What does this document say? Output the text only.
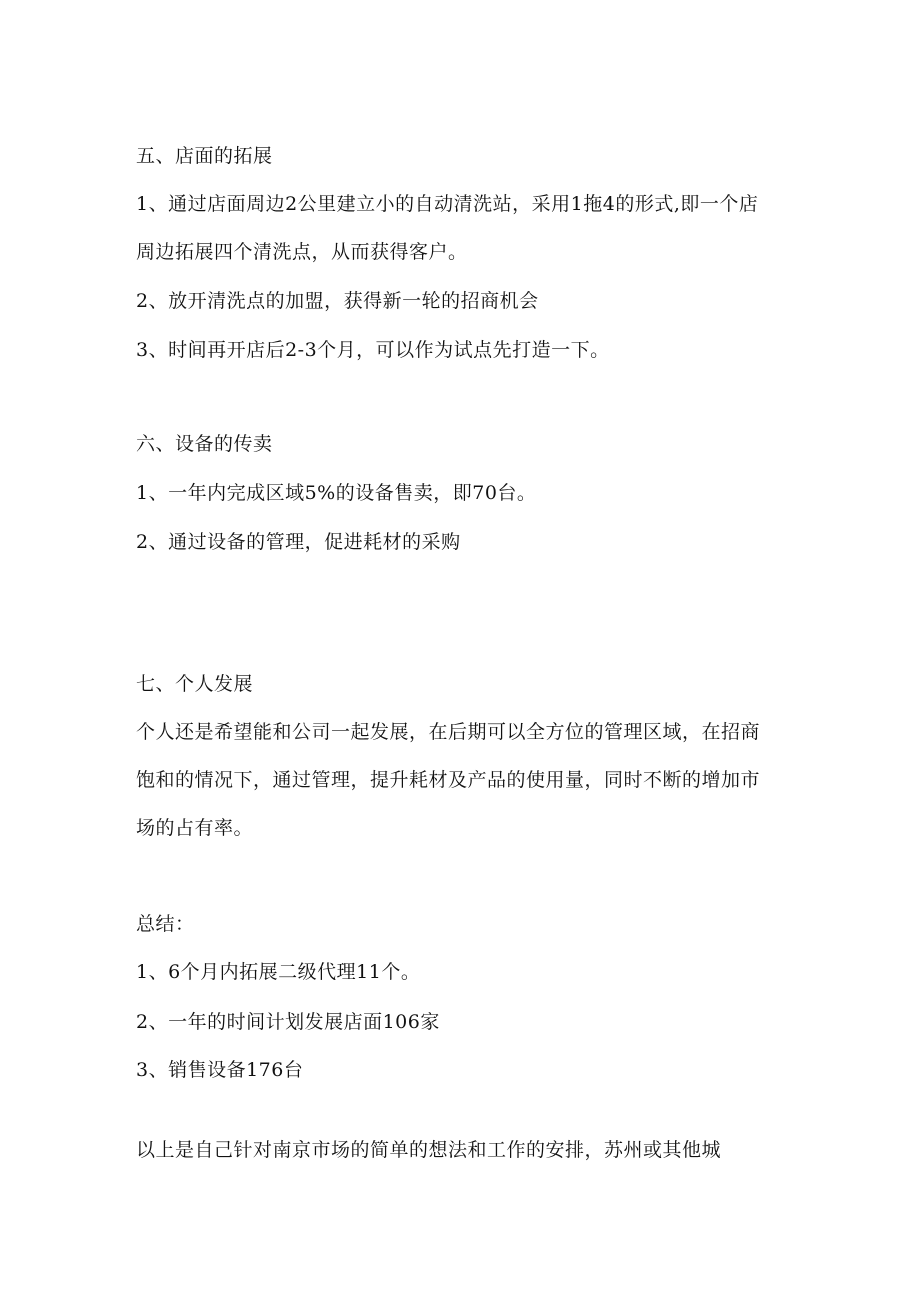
五、店面的拓展
1、通过店面周边2公里建立小的自动清洗站，采用1拖4的形式,即一个店
周边拓展四个清洗点，从而获得客户。
2、放开清洗点的加盟，获得新一轮的招商机会
3、时间再开店后2-3个月，可以作为试点先打造一下。
六、设备的传卖
1、一年内完成区域5%的设备售卖，即70台。
2、通过设备的管理，促进耗材的采购
七、个人发展
个人还是希望能和公司一起发展，在后期可以全方位的管理区域，在招商
饱和的情况下，通过管理，提升耗材及产品的使用量，同时不断的增加市
场的占有率。
总结：
1、6个月内拓展二级代理11个。
2、一年的时间计划发展店面106家
3、销售设备176台
以上是自己针对南京市场的简单的想法和工作的安排，苏州或其他城
